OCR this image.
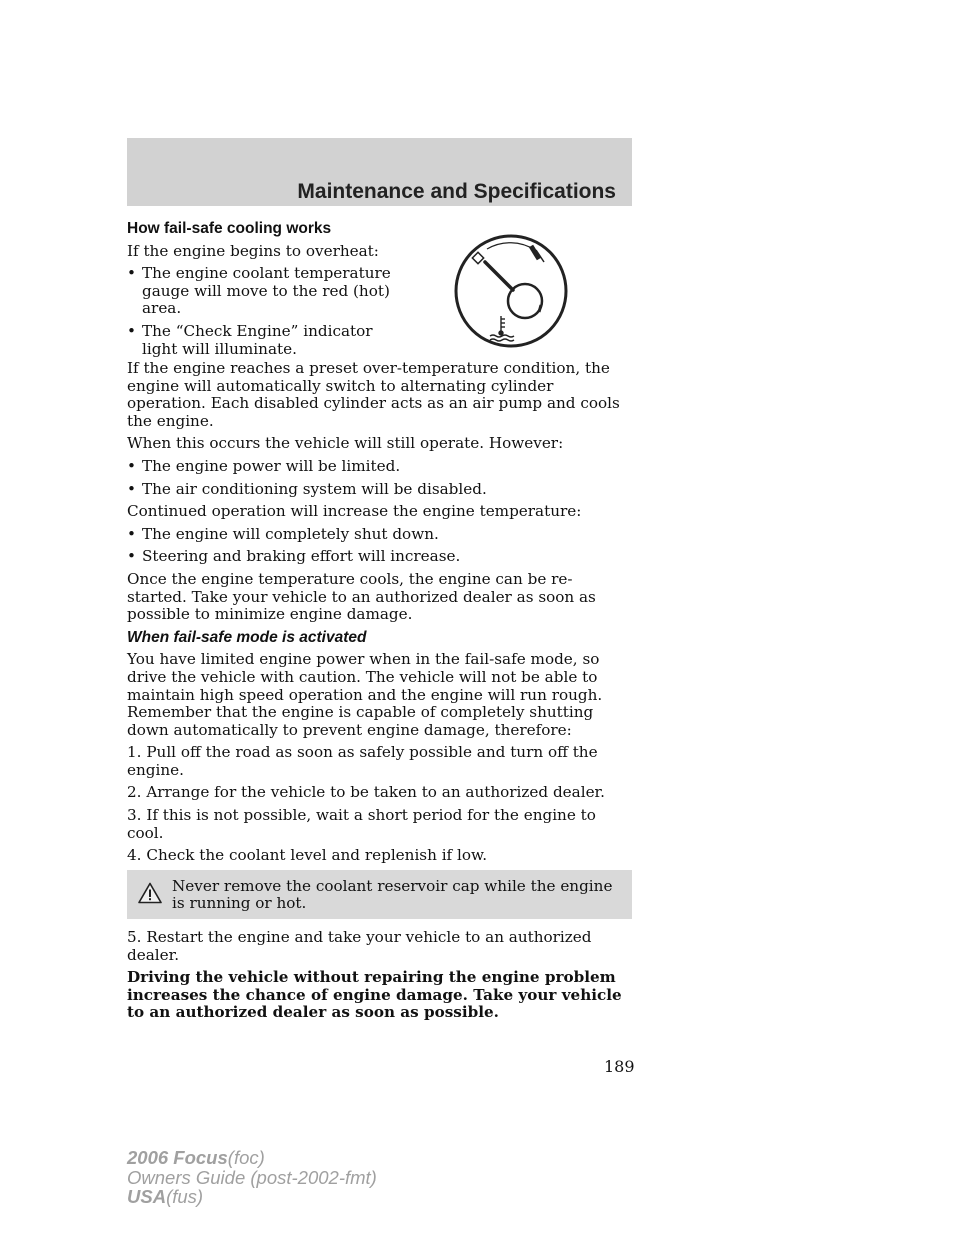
Maintenance and Specifications

How fail-safe cooling works

If the engine begins to overheat:

• The engine coolant temperature gauge will move to the red (hot) area.
• The “Check Engine” indicator light will illuminate.

If the engine reaches a preset over-temperature condition, the engine will automatically switch to alternating cylinder operation. Each disabled cylinder acts as an air pump and cools the engine.

When this occurs the vehicle will still operate. However:

• The engine power will be limited.
• The air conditioning system will be disabled.

Continued operation will increase the engine temperature:

• The engine will completely shut down.
• Steering and braking effort will increase.

Once the engine temperature cools, the engine can be re-started. Take your vehicle to an authorized dealer as soon as possible to minimize engine damage.

When fail-safe mode is activated

You have limited engine power when in the fail-safe mode, so drive the vehicle with caution. The vehicle will not be able to maintain high speed operation and the engine will run rough. Remember that the engine is capable of completely shutting down automatically to prevent engine damage, therefore:

1. Pull off the road as soon as safely possible and turn off the engine.

2. Arrange for the vehicle to be taken to an authorized dealer.

3. If this is not possible, wait a short period for the engine to cool.

4. Check the coolant level and replenish if low.

Never remove the coolant reservoir cap while the engine is running or hot.

5. Restart the engine and take your vehicle to an authorized dealer.

Driving the vehicle without repairing the engine problem increases the chance of engine damage. Take your vehicle to an authorized dealer as soon as possible.

189
2006 Focus(foc)
Owners Guide (post-2002-fmt)
USA(fus)
